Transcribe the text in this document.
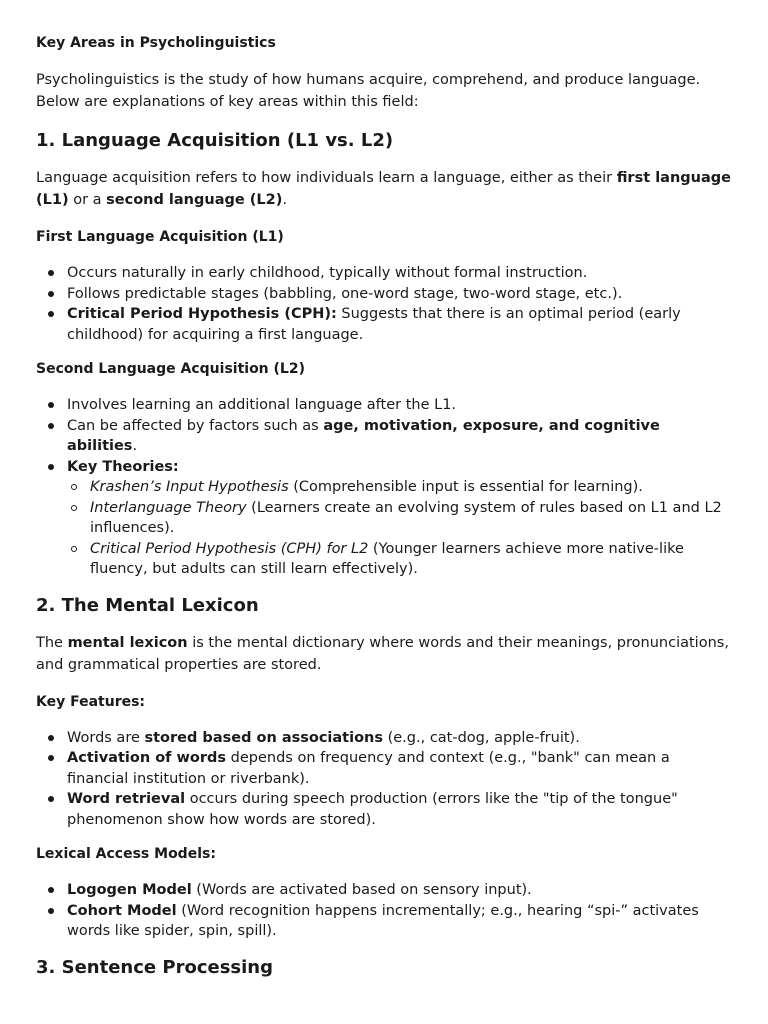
Key Areas in Psycholinguistics

Psycholinguistics is the study of how humans acquire, comprehend, and produce language. Below are explanations of key areas within this field:

1. Language Acquisition (L1 vs. L2)

Language acquisition refers to how individuals learn a language, either as their first language (L1) or a second language (L2).

First Language Acquisition (L1)
Occurs naturally in early childhood, typically without formal instruction.
Follows predictable stages (babbling, one-word stage, two-word stage, etc.).
Critical Period Hypothesis (CPH): Suggests that there is an optimal period (early childhood) for acquiring a first language.
Second Language Acquisition (L2)
Involves learning an additional language after the L1.
Can be affected by factors such as age, motivation, exposure, and cognitive abilities.
Key Theories:
Krashen’s Input Hypothesis (Comprehensible input is essential for learning).
Interlanguage Theory (Learners create an evolving system of rules based on L1 and L2 influences).
Critical Period Hypothesis (CPH) for L2 (Younger learners achieve more native-like fluency, but adults can still learn effectively).
2. The Mental Lexicon

The mental lexicon is the mental dictionary where words and their meanings, pronunciations, and grammatical properties are stored.

Key Features:
Words are stored based on associations (e.g., cat-dog, apple-fruit).
Activation of words depends on frequency and context (e.g., "bank" can mean a financial institution or riverbank).
Word retrieval occurs during speech production (errors like the "tip of the tongue" phenomenon show how words are stored).
Lexical Access Models:
Logogen Model (Words are activated based on sensory input).
Cohort Model (Word recognition happens incrementally; e.g., hearing “spi-” activates words like spider, spin, spill).
3. Sentence Processing
